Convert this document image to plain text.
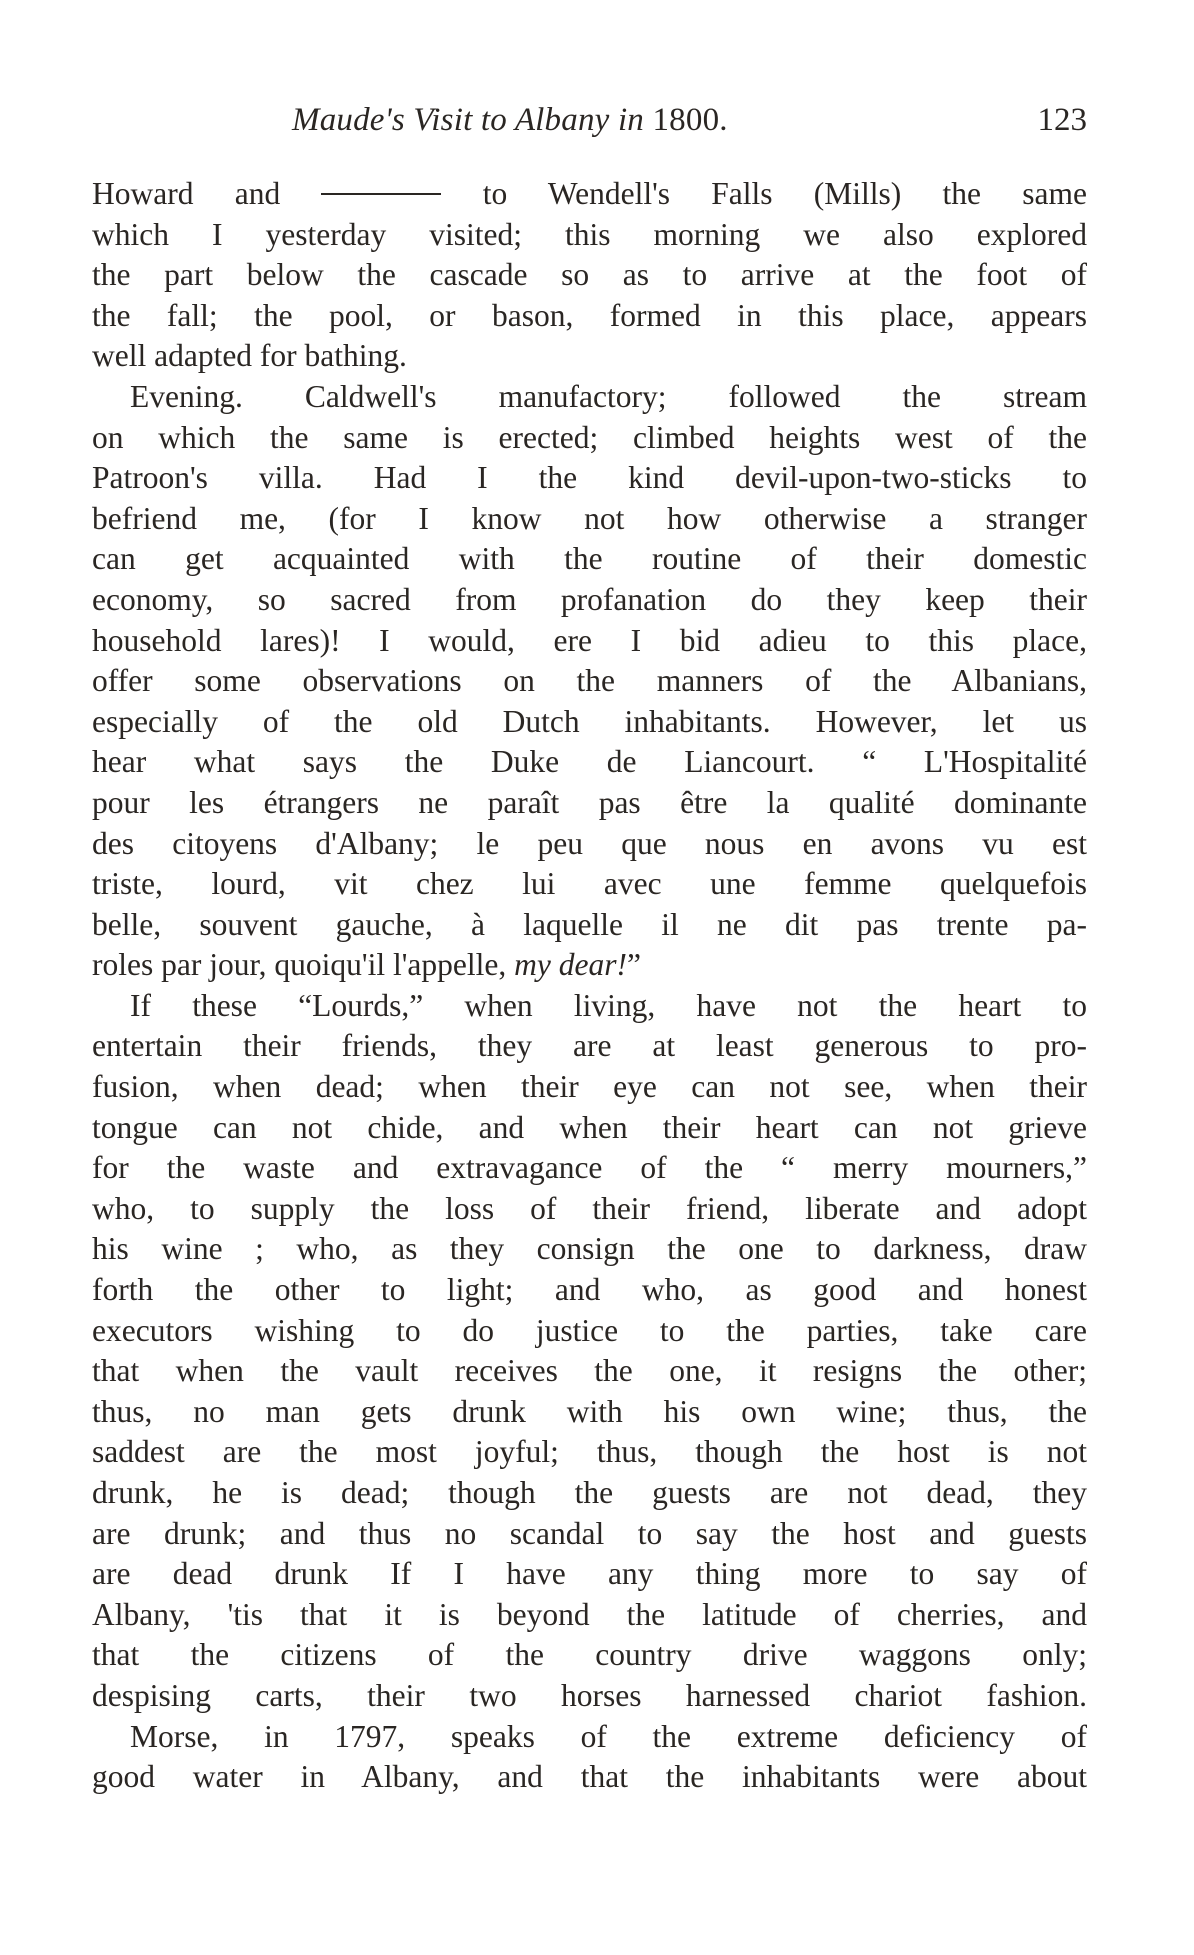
Maude's Visit to Albany in 1800.	123
Howard and	to Wendell's Falls (Mills) the same
which I yesterday visited; this morning we also explored
the part below the cascade so as to arrive at the foot of
the fall; the pool, or bason, formed in this place, appears
well adapted for bathing.
Evening. Caldwell's manufactory; followed the stream
on which the same is erected; climbed heights west of the
Patroon's villa. Had I the kind devil-upon-two-sticks to
befriend me, (for I know not how otherwise a stranger
can get acquainted with the routine of their domestic
economy, so sacred from profanation do they keep their
household lares)! I would, ere I bid adieu to this place,
offer some observations on the manners of the Albanians,
especially of the old Dutch inhabitants. However, let us
hear what says the Duke de Liancourt. “ L'Hospitalité
pour les étrangers ne paraît pas être la qualité dominante
des citoyens d'Albany; le peu que nous en avons vu est
triste, lourd, vit chez lui avec une femme quelquefois
belle, souvent gauche, à laquelle il ne dit pas trente pa-
roles par jour, quoiqu'il l'appelle, my dear!”
If these “Lourds,” when living, have not the heart to
entertain their friends, they are at least generous to pro-
fusion, when dead; when their eye can not see, when their
tongue can not chide, and when their heart can not grieve
for the waste and extravagance of the “ merry mourners,”
who, to supply the loss of their friend, liberate and adopt
his wine ; who, as they consign the one to darkness, draw
forth the other to light; and who, as good and honest
executors wishing to do justice to the parties, take care
that when the vault receives the one, it resigns the other;
thus, no man gets drunk with his own wine; thus, the
saddest are the most joyful; thus, though the host is not
drunk, he is dead; though the guests are not dead, they
are drunk; and thus no scandal to say the host and guests
are dead drunk If I have any thing more to say of
Albany, 'tis that it is beyond the latitude of cherries, and
that the citizens of the country drive waggons only;
despising carts, their two horses harnessed chariot fashion.
Morse, in 1797, speaks of the extreme deficiency of
good water in Albany, and that the inhabitants were about
